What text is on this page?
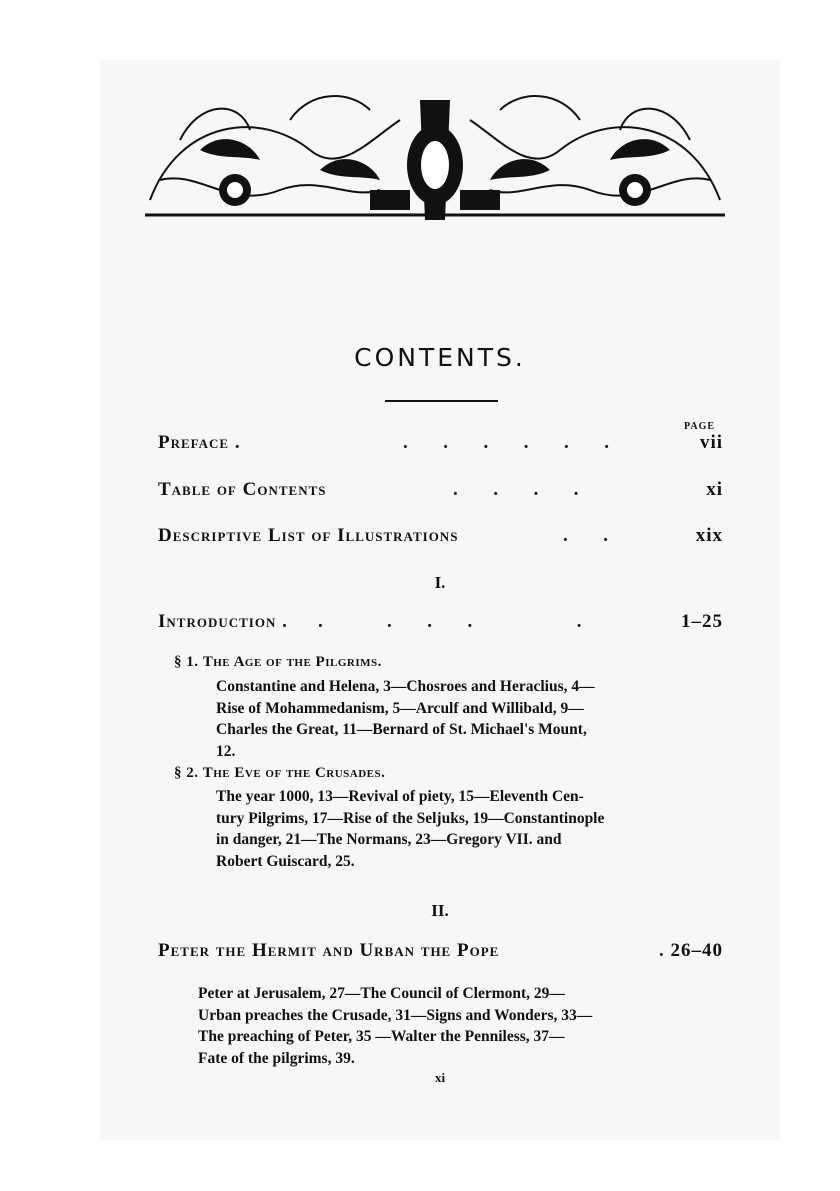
CONTENTS.
PAGE
Preface .	.      .      .      .      .      .	vii
Table of Contents	.      .      .      .	xi
Descriptive List of Illustrations	.      .	xix
I.
Introduction . .           .      .      .                  .	1–25
§ 1. The Age of the Pilgrims.
Constantine and Helena, 3—Chosroes and Heraclius, 4—
Rise of Mohammedanism, 5—Arculf and Willibald, 9—
Charles the Great, 11—Bernard of St. Michael's Mount,
12.
§ 2. The Eve of the Crusades.
The year 1000, 13—Revival of piety, 15—Eleventh Cen-
tury Pilgrims, 17—Rise of the Seljuks, 19—Constantinople
in danger, 21—The Normans, 23—Gregory VII. and
Robert Guiscard, 25.
II.
Peter the Hermit and Urban the Pope	. 26–40
Peter at Jerusalem, 27—The Council of Clermont, 29—
Urban preaches the Crusade, 31—Signs and Wonders, 33—
The preaching of Peter, 35 —Walter the Penniless, 37—
Fate of the pilgrims, 39.
xi
